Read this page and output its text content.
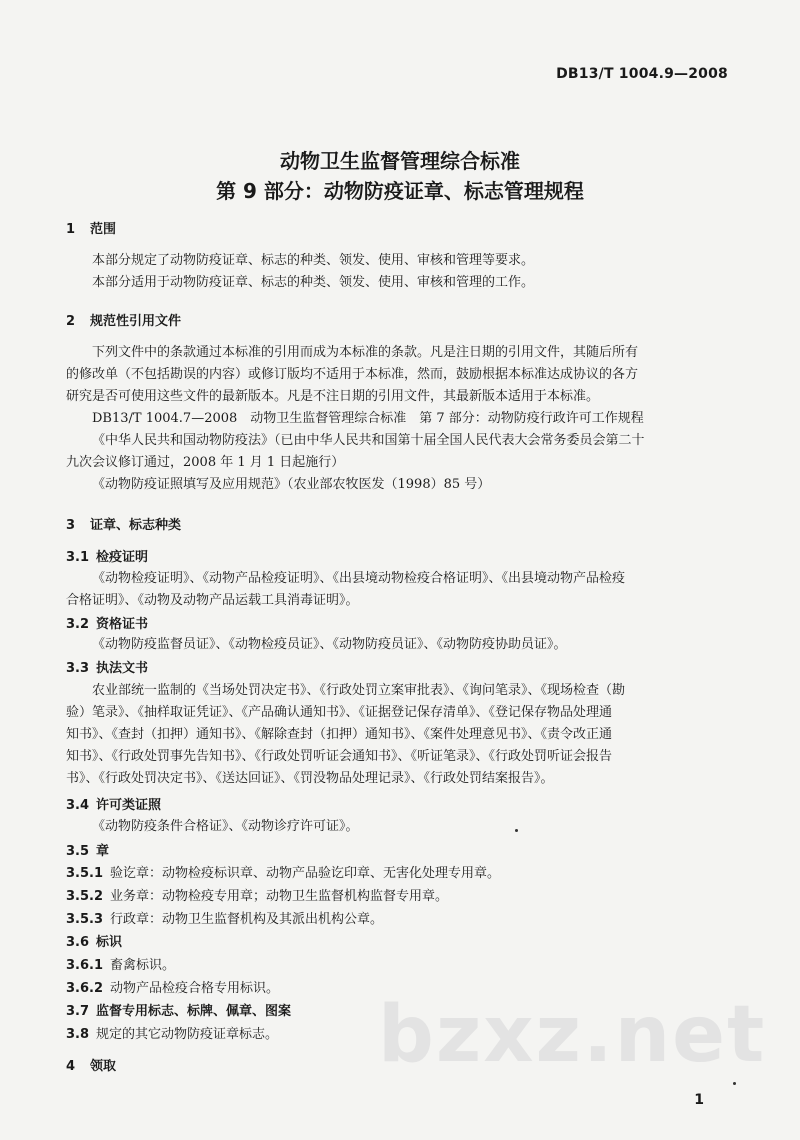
DB13/T 1004.9—2008
动物卫生监督管理综合标准
第 9 部分：动物防疫证章、标志管理规程
1 范围
本部分规定了动物防疫证章、标志的种类、领发、使用、审核和管理等要求。
本部分适用于动物防疫证章、标志的种类、领发、使用、审核和管理的工作。
2 规范性引用文件
下列文件中的条款通过本标准的引用而成为本标准的条款。凡是注日期的引用文件，其随后所有
的修改单（不包括勘误的内容）或修订版均不适用于本标准，然而，鼓励根据本标准达成协议的各方
研究是否可使用这些文件的最新版本。凡是不注日期的引用文件，其最新版本适用于本标准。
DB13/T 1004.7—2008　动物卫生监督管理综合标准　第 7 部分：动物防疫行政许可工作规程
《中华人民共和国动物防疫法》（已由中华人民共和国第十届全国人民代表大会常务委员会第二十
九次会议修订通过，2008 年 1 月 1 日起施行）
《动物防疫证照填写及应用规范》（农业部农牧医发（1998）85 号）
3 证章、标志种类
3.1 检疫证明
《动物检疫证明》、《动物产品检疫证明》、《出县境动物检疫合格证明》、《出县境动物产品检疫
合格证明》、《动物及动物产品运载工具消毒证明》。
3.2 资格证书
《动物防疫监督员证》、《动物检疫员证》、《动物防疫员证》、《动物防疫协助员证》。
3.3 执法文书
农业部统一监制的《当场处罚决定书》、《行政处罚立案审批表》、《询问笔录》、《现场检查（勘
验）笔录》、《抽样取证凭证》、《产品确认通知书》、《证据登记保存清单》、《登记保存物品处理通
知书》、《查封（扣押）通知书》、《解除查封（扣押）通知书》、《案件处理意见书》、《责令改正通
知书》、《行政处罚事先告知书》、《行政处罚听证会通知书》、《听证笔录》、《行政处罚听证会报告
书》、《行政处罚决定书》、《送达回证》、《罚没物品处理记录》、《行政处罚结案报告》。
3.4 许可类证照
《动物防疫条件合格证》、《动物诊疗许可证》。
3.5 章
3.5.1 验讫章：动物检疫标识章、动物产品验讫印章、无害化处理专用章。
3.5.2 业务章：动物检疫专用章；动物卫生监督机构监督专用章。
3.5.3 行政章：动物卫生监督机构及其派出机构公章。
3.6 标识
3.6.1 畜禽标识。
3.6.2 动物产品检疫合格专用标识。
3.7 监督专用标志、标牌、佩章、图案
3.8 规定的其它动物防疫证章标志。
4 领取	bzxz.net
1
